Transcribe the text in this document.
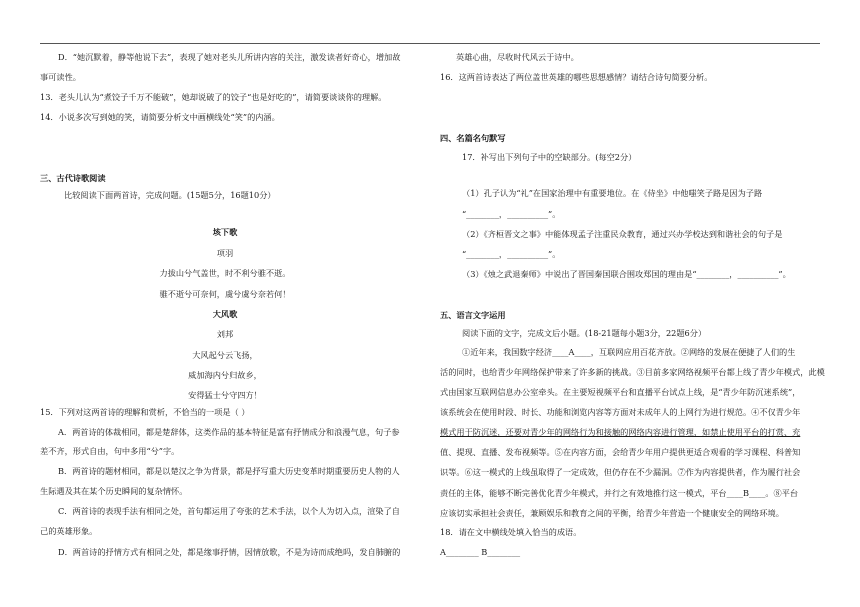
D．“她沉默着，静等他说下去”，表现了她对老头儿所讲内容的关注，激发读者好奇心，增加故
事可读性。
13．老头儿认为“煮饺子千万不能破”，她却说破了的饺子“也是好吃的”，请简要谈谈你的理解。
14．小说多次写到她的笑，请简要分析文中画横线处“笑”的内涵。
三、古代诗歌阅读
比较阅读下面两首诗，完成问题。(15题5分，16题10分）
垓下歌
项羽
力拔山兮气盖世，时不利兮骓不逝。
骓不逝兮可奈何，虞兮虞兮奈若何！
大风歌
刘邦
大风起兮云飞扬，
威加海内兮归故乡，
安得猛士兮守四方！
15．下列对这两首诗的理解和赏析，不恰当的一项是（ ）
A．两首诗的体裁相同，都是楚辞体，这类作品的基本特征是富有抒情成分和浪漫气息，句子参
差不齐，形式自由，句中多用“兮”字。
B．两首诗的题材相同，都是以楚汉之争为背景，都是抒写重大历史变革时期重要历史人物的人
生际遇及其在某个历史瞬间的复杂情怀。
C．两首诗的表现手法有相同之处，首句都运用了夸张的艺术手法，以个人为切入点，渲染了自
己的英雄形象。
D．两首诗的抒情方式有相同之处，都是缘事抒情，因情放歌，不是为诗而成绝吗，发自肺腑的
英雄心曲，尽收时代风云于诗中。
16．这两首诗表达了两位盖世英雄的哪些思想感情？请结合诗句简要分析。
四、名篇名句默写
17．补写出下列句子中的空缺部分。(每空2分）
（1）孔子认为“礼”在国家治理中有重要地位。在《侍坐》中他嗤笑子路是因为子路
“________，__________”。
（2）《齐桓晋文之事》中能体现孟子注重民众教育，通过兴办学校达到和谐社会的句子是
“________，__________”。
（3）《烛之武退秦师》中说出了晋国秦国联合围攻郑国的理由是“________，__________”。
五、语言文字运用
阅读下面的文字，完成文后小题。(18-21题每小题3分，22题6分）
①近年来，我国数字经济____A____，互联网应用百花齐放。②网络的发展在便捷了人们的生
活的同时，也给青少年网络保护带来了许多新的挑战。③目前多家网络视频平台都上线了青少年模式，此模
式由国家互联网信息办公室牵头。在主要短视频平台和直播平台试点上线，是“青少年防沉迷系统”，
该系统会在使用时段、时长、功能和浏览内容等方面对未成年人的上网行为进行规范。④不仅青少年
模式用于防沉迷，还要对青少年的网络行为和接触的网络内容进行管理，如禁止使用平台的打赏、充
值、提现、直播、发布视频等。⑤在内容方面，会给青少年用户提供更适合观看的学习课程、科普知
识等。⑥这一模式的上线虽取得了一定成效，但仍存在不少漏洞。⑦作为内容提供者，作为履行社会
责任的主体，能够不断完善优化青少年模式，并行之有效地推行这一模式，平台____B____。⑧平台
应该切实承担社会责任，兼顾娱乐和教育之间的平衡，给青少年营造一个健康安全的网络环境。
18．请在文中横线处填入恰当的成语。
A________ B________
